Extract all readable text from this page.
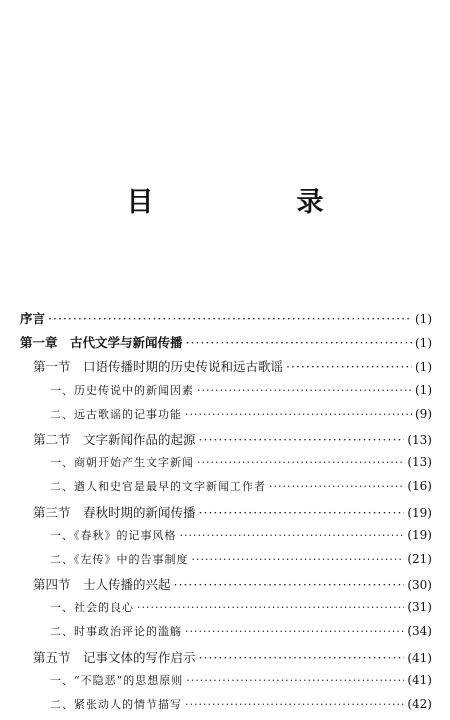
目　录
序言 ·····	(1)
第一章　古代文学与新闻传播 ·····	(1)
第一节　口语传播时期的历史传说和远古歌谣 ·····	(1)
一、历史传说中的新闻因素 ·····	(1)
二、远古歌谣的记事功能 ·····	(9)
第二节　文字新闻作品的起源 ·····	(13)
一、商朝开始产生文字新闻 ·····	(13)
二、遒人和史官是最早的文字新闻工作者 ·····	(16)
第三节　春秋时期的新闻传播 ·····	(19)
一、《春秋》的记事风格 ·····	(19)
二、《左传》中的告事制度 ·····	(21)
第四节　士人传播的兴起 ·····	(30)
一、社会的良心 ·····	(31)
二、时事政治评论的滥觞 ·····	(34)
第五节　记事文体的写作启示 ·····	(41)
一、“不隐恶”的思想原则 ·····	(41)
二、紧张动人的情节描写 ·····	(42)
